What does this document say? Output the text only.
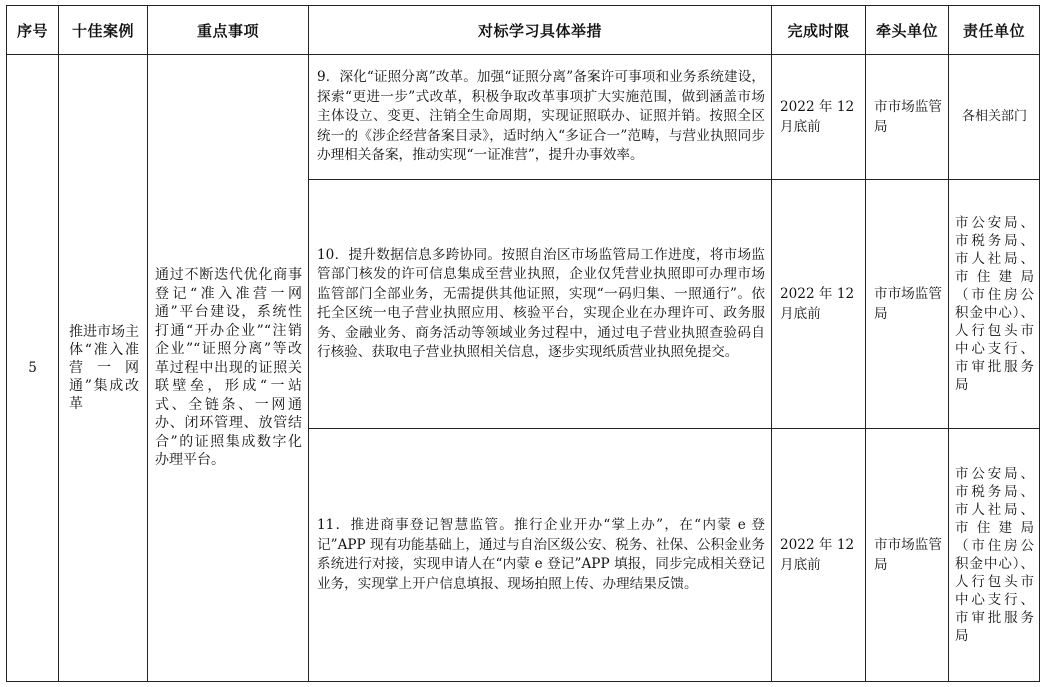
序号	十佳案例	重点事项	对标学习具体举措	完成时限	牵头单位	责任单位
5	推进市场主体“准入准营一网通”集成改革	通过不断迭代优化商事登记“准入准营一网通”平台建设，系统性打通“开办企业”“注销企业”“证照分离”等改革过程中出现的证照关联壁垒，形成“一站式、全链条、一网通办、闭环管理、放管结合”的证照集成数字化办理平台。	9．深化“证照分离”改革。加强“证照分离”备案许可事项和业务系统建设，探索“更进一步”式改革，积极争取改革事项扩大实施范围，做到涵盖市场主体设立、变更、注销全生命周期，实现证照联办、证照并销。按照全区统一的《涉企经营备案目录》，适时纳入“多证合一”范畴，与营业执照同步办理相关备案，推动实现“一证准营”，提升办事效率。	2022 年 12 月底前	市市场监管局	各相关部门
			10．提升数据信息多跨协同。按照自治区市场监管局工作进度，将市场监管部门核发的许可信息集成至营业执照，企业仅凭营业执照即可办理市场监管部门全部业务，无需提供其他证照，实现“一码归集、一照通行”。依托全区统一电子营业执照应用、核验平台，实现企业在办理许可、政务服务、金融业务、商务活动等领域业务过程中，通过电子营业执照查验码自行核验、获取电子营业执照相关信息，逐步实现纸质营业执照免提交。	2022 年 12 月底前	市市场监管局	市公安局、市税务局、市人社局、市住建局（市住房公积金中心）、人行包头市中心支行、市审批服务局
			11．推进商事登记智慧监管。推行企业开办“掌上办”，在“内蒙 e 登记”APP 现有功能基础上，通过与自治区级公安、税务、社保、公积金业务系统进行对接，实现申请人在“内蒙 e 登记”APP 填报，同步完成相关登记业务，实现掌上开户信息填报、现场拍照上传、办理结果反馈。	2022 年 12 月底前	市市场监管局	市公安局、市税务局、市人社局、市住建局（市住房公积金中心）、人行包头市中心支行、市审批服务局
